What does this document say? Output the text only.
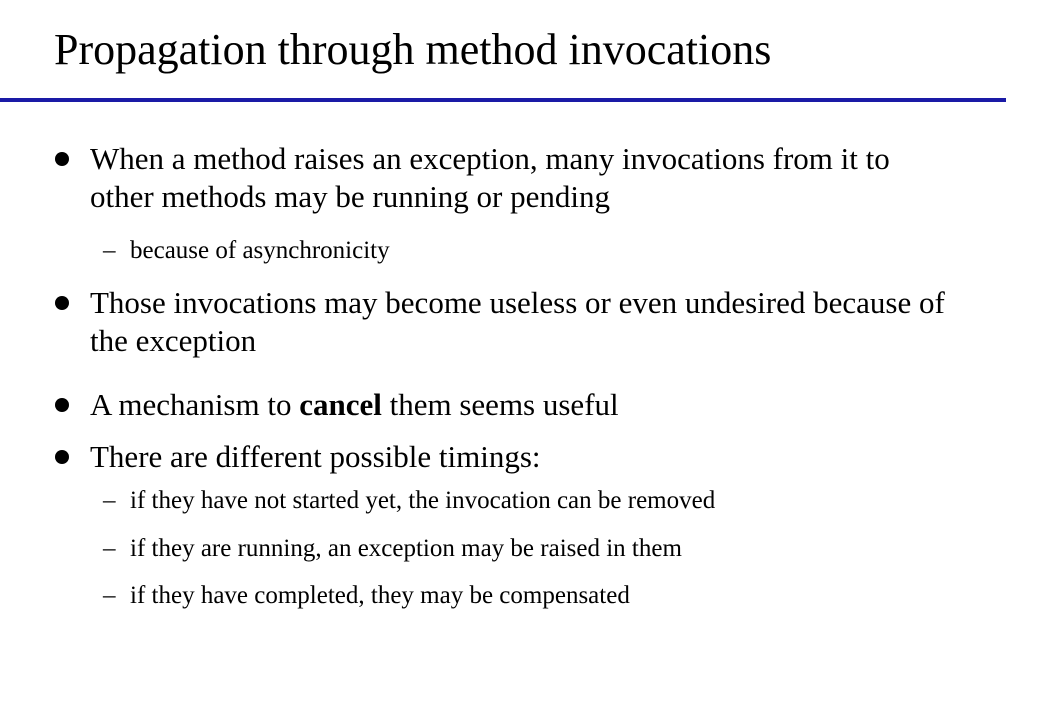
Propagation through method invocations
When a method raises an exception, many invocations from it to other methods may be running or pending
– because of asynchronicity
Those invocations may become useless or even undesired because of the exception
A mechanism to cancel them seems useful
There are different possible timings:
– if they have not started yet, the invocation can be removed
– if they are running, an exception may be raised in them
– if they have completed, they may be compensated
